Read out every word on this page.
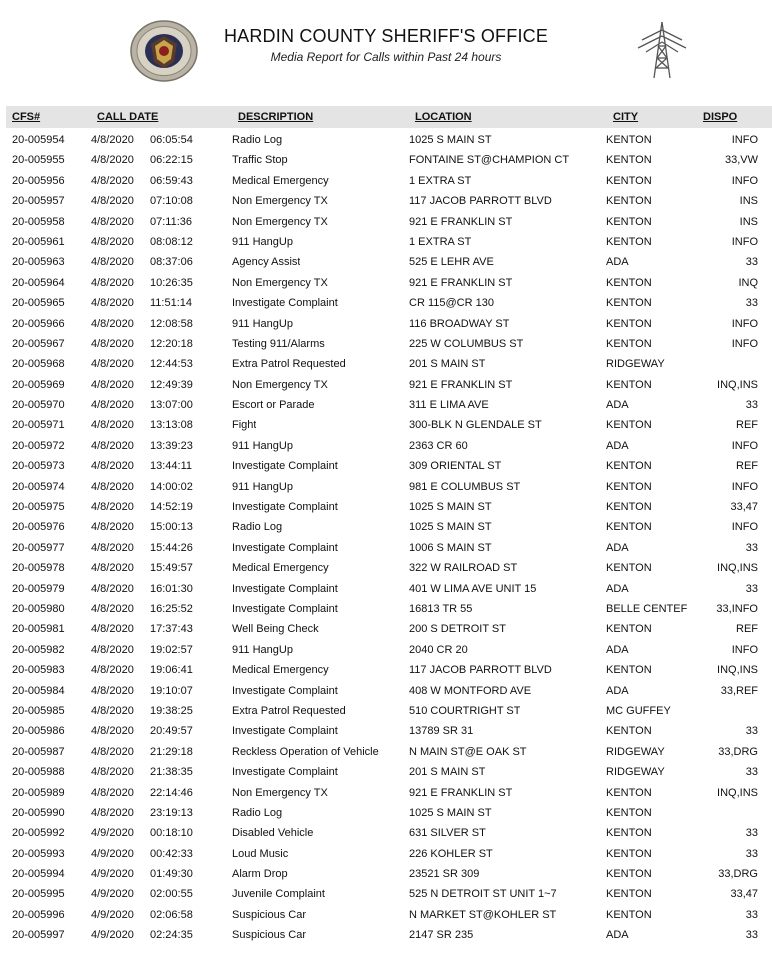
HARDIN COUNTY SHERIFF'S OFFICE
Media Report for Calls within Past 24 hours
CFS#	CALL DATE	DESCRIPTION	LOCATION	CITY	DISPO
20-005954 4/8/2020 06:05:54	Radio Log	1025 S MAIN ST	KENTON	INFO
20-005955 4/8/2020 06:22:15	Traffic Stop	FONTAINE ST@CHAMPION CT	KENTON	33,VW
20-005956 4/8/2020 06:59:43	Medical Emergency	1 EXTRA ST	KENTON	INFO
20-005957 4/8/2020 07:10:08	Non Emergency TX	117 JACOB PARROTT BLVD	KENTON	INS
20-005958 4/8/2020 07:11:36	Non Emergency TX	921 E FRANKLIN ST	KENTON	INS
20-005961 4/8/2020 08:08:12	911 HangUp	1 EXTRA ST	KENTON	INFO
20-005963 4/8/2020 08:37:06	Agency Assist	525 E LEHR AVE	ADA	33
20-005964 4/8/2020 10:26:35	Non Emergency TX	921 E FRANKLIN ST	KENTON	INQ
20-005965 4/8/2020 11:51:14	Investigate Complaint	CR 115@CR 130	KENTON	33
20-005966 4/8/2020 12:08:58	911 HangUp	116 BROADWAY ST	KENTON	INFO
20-005967 4/8/2020 12:20:18	Testing 911/Alarms	225 W COLUMBUS ST	KENTON	INFO
20-005968 4/8/2020 12:44:53	Extra Patrol Requested	201 S MAIN ST	RIDGEWAY
20-005969 4/8/2020 12:49:39	Non Emergency TX	921 E FRANKLIN ST	KENTON	INQ,INS
20-005970 4/8/2020 13:07:00	Escort or Parade	311 E LIMA AVE	ADA	33
20-005971 4/8/2020 13:13:08	Fight	300-BLK N GLENDALE ST	KENTON	REF
20-005972 4/8/2020 13:39:23	911 HangUp	2363 CR 60	ADA	INFO
20-005973 4/8/2020 13:44:11	Investigate Complaint	309 ORIENTAL ST	KENTON	REF
20-005974 4/8/2020 14:00:02	911 HangUp	981 E COLUMBUS ST	KENTON	INFO
20-005975 4/8/2020 14:52:19	Investigate Complaint	1025 S MAIN ST	KENTON	33,47
20-005976 4/8/2020 15:00:13	Radio Log	1025 S MAIN ST	KENTON	INFO
20-005977 4/8/2020 15:44:26	Investigate Complaint	1006 S MAIN ST	ADA	33
20-005978 4/8/2020 15:49:57	Medical Emergency	322 W RAILROAD ST	KENTON	INQ,INS
20-005979 4/8/2020 16:01:30	Investigate Complaint	401 W LIMA AVE UNIT 15	ADA	33
20-005980 4/8/2020 16:25:52	Investigate Complaint	16813 TR 55	BELLE CENTEF	33,INFO
20-005981 4/8/2020 17:37:43	Well Being Check	200 S DETROIT ST	KENTON	REF
20-005982 4/8/2020 19:02:57	911 HangUp	2040 CR 20	ADA	INFO
20-005983 4/8/2020 19:06:41	Medical Emergency	117 JACOB PARROTT BLVD	KENTON	INQ,INS
20-005984 4/8/2020 19:10:07	Investigate Complaint	408 W MONTFORD AVE	ADA	33,REF
20-005985 4/8/2020 19:38:25	Extra Patrol Requested	510 COURTRIGHT ST	MC GUFFEY
20-005986 4/8/2020 20:49:57	Investigate Complaint	13789 SR 31	KENTON	33
20-005987 4/8/2020 21:29:18	Reckless Operation of Vehicle	N MAIN ST@E OAK ST	RIDGEWAY	33,DRG
20-005988 4/8/2020 21:38:35	Investigate Complaint	201 S MAIN ST	RIDGEWAY	33
20-005989 4/8/2020 22:14:46	Non Emergency TX	921 E FRANKLIN ST	KENTON	INQ,INS
20-005990 4/8/2020 23:19:13	Radio Log	1025 S MAIN ST	KENTON
20-005992 4/9/2020 00:18:10	Disabled Vehicle	631 SILVER ST	KENTON	33
20-005993 4/9/2020 00:42:33	Loud Music	226 KOHLER ST	KENTON	33
20-005994 4/9/2020 01:49:30	Alarm Drop	23521 SR 309	KENTON	33,DRG
20-005995 4/9/2020 02:00:55	Juvenile Complaint	525 N DETROIT ST UNIT 1~7	KENTON	33,47
20-005996 4/9/2020 02:06:58	Suspicious Car	N MARKET ST@KOHLER ST	KENTON	33
20-005997 4/9/2020 02:24:35	Suspicious Car	2147 SR 235	ADA	33
